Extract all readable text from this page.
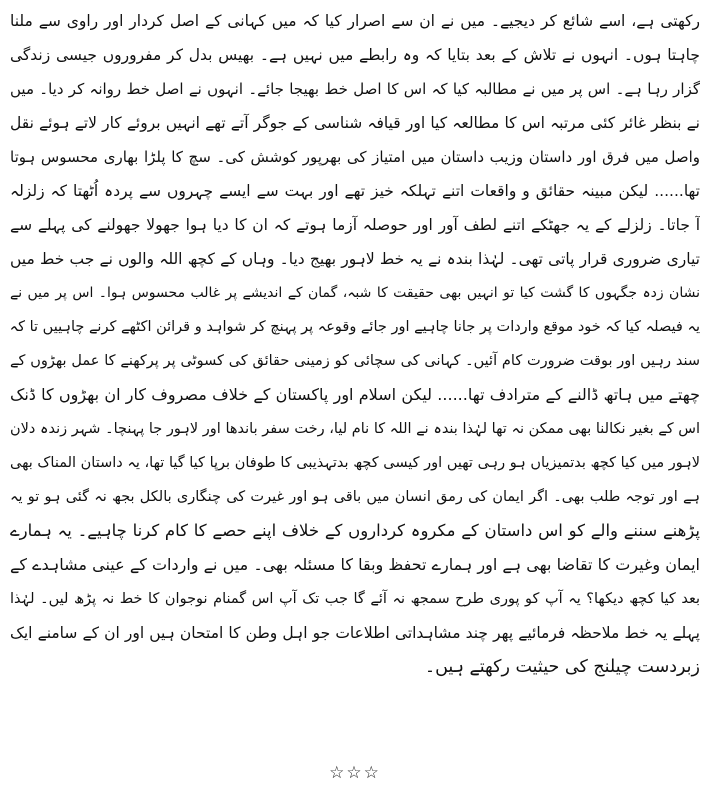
رکھتی ہے، اسے شائع کر دیجیے۔ میں نے ان سے اصرار کیا کہ میں کہانی کے اصل کردار اور راوی سے ملنا
چاہتا ہوں۔ انہوں نے تلاش کے بعد بتایا کہ وہ رابطے میں نہیں ہے۔ بھیس بدل کر مفروروں جیسی زندگی
گزار رہا ہے۔ اس پر میں نے مطالبہ کیا کہ اس کا اصل خط بھیجا جائے۔ انہوں نے اصل خط روانہ کر دیا۔ میں
نے بنظر غائر کئی مرتبہ اس کا مطالعہ کیا اور قیافہ شناسی کے جوگر آتے تھے انہیں بروئے کار لاتے ہوئے نقل
واصل میں فرق اور داستان وزیب داستان میں امتیاز کی بھرپور کوشش کی۔ سچ کا پلڑا بھاری محسوس ہوتا
تھا...... لیکن مبینہ حقائق و واقعات اتنے تہلکہ خیز تھے اور بہت سے ایسے چہروں سے پردہ اُٹھتا کہ زلزلہ
آ جاتا۔ زلزلے کے یہ جھٹکے اتنے لطف آور اور حوصلہ آزما ہوتے کہ ان کا دیا ہوا جھولا جھولنے کی پہلے سے
تیاری ضروری قرار پاتی تھی۔ لہٰذا بندہ نے یہ خط لاہور بھیج دیا۔ وہاں کے کچھ اللہ والوں نے جب خط میں
نشان زدہ جگہوں کا گشت کیا تو انہیں بھی حقیقت کا شبہ، گمان کے اندیشے پر غالب محسوس ہوا۔ اس پر میں نے
یہ فیصلہ کیا کہ خود موقع واردات پر جانا چاہیے اور جائے وقوعہ پر پہنچ کر شواہد و قرائن اکٹھے کرنے چاہییں تا کہ
سند رہیں اور بوقت ضرورت کام آئیں۔ کہانی کی سچائی کو زمینی حقائق کی کسوٹی پر پرکھنے کا عمل بھڑوں کے
چھتے میں ہاتھ ڈالنے کے مترادف تھا...... لیکن اسلام اور پاکستان کے خلاف مصروف کار ان بھڑوں کا ڈنک
اس کے بغیر نکالنا بھی ممکن نہ تھا لہٰذا بندہ نے اللہ کا نام لیا، رخت سفر باندھا اور لاہور جا پہنچا۔ شہر زندہ دلان
لاہور میں کیا کچھ بدتمیزیاں ہو رہی تھیں اور کیسی کچھ بدتہذیبی کا طوفان برپا کیا گیا تھا، یہ داستان المناک بھی
ہے اور توجہ طلب بھی۔ اگر ایمان کی رمق انسان میں باقی ہو اور غیرت کی چنگاری بالکل بجھ نہ گئی ہو تو یہ
پڑھنے سننے والے کو اس داستان کے مکروہ کرداروں کے خلاف اپنے حصے کا کام کرنا چاہیے۔ یہ ہمارے
ایمان وغیرت کا تقاضا بھی ہے اور ہمارے تحفظ وبقا کا مسئلہ بھی۔ میں نے واردات کے عینی مشاہدے کے
بعد کیا کچھ دیکھا؟ یہ آپ کو پوری طرح سمجھ نہ آئے گا جب تک آپ اس گمنام نوجوان کا خط نہ پڑھ لیں۔ لہٰذا
پہلے یہ خط ملاحظہ فرمائیے پھر چند مشاہداتی اطلاعات جو اہل وطن کا امتحان ہیں اور ان کے سامنے ایک
زبردست چیلنج کی حیثیت رکھتے ہیں۔
☆☆☆
